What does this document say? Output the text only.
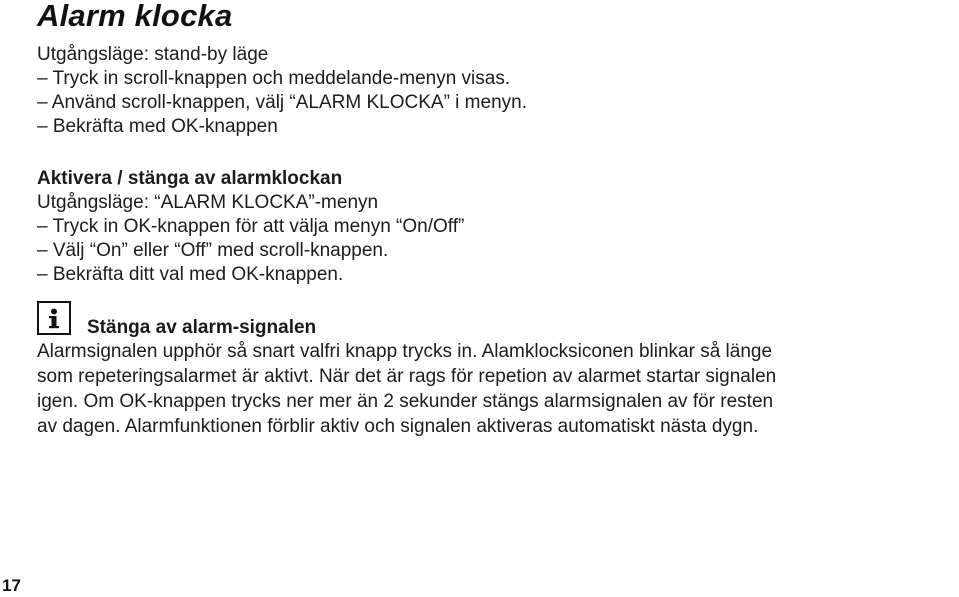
Alarm klocka
Utgångsläge: stand-by läge
– Tryck in scroll-knappen och meddelande-menyn visas.
– Använd scroll-knappen, välj “ALARM KLOCKA” i menyn.
– Bekräfta med OK-knappen
Aktivera / stänga av alarmklockan
Utgångsläge: “ALARM KLOCKA”-menyn
– Tryck in OK-knappen för att välja menyn “On/Off”
– Välj “On” eller “Off” med scroll-knappen.
– Bekräfta ditt val med OK-knappen.
Stänga av alarm-signalen
Alarmsignalen upphör så snart valfri knapp trycks in. Alamklocksiconen blinkar så länge
som repeteringsalarmet är aktivt. När det är rags för repetion av alarmet startar signalen
igen. Om OK-knappen trycks ner mer än 2 sekunder stängs alarmsignalen av för resten
av dagen. Alarmfunktionen förblir aktiv och signalen aktiveras automatiskt nästa dygn.
17
